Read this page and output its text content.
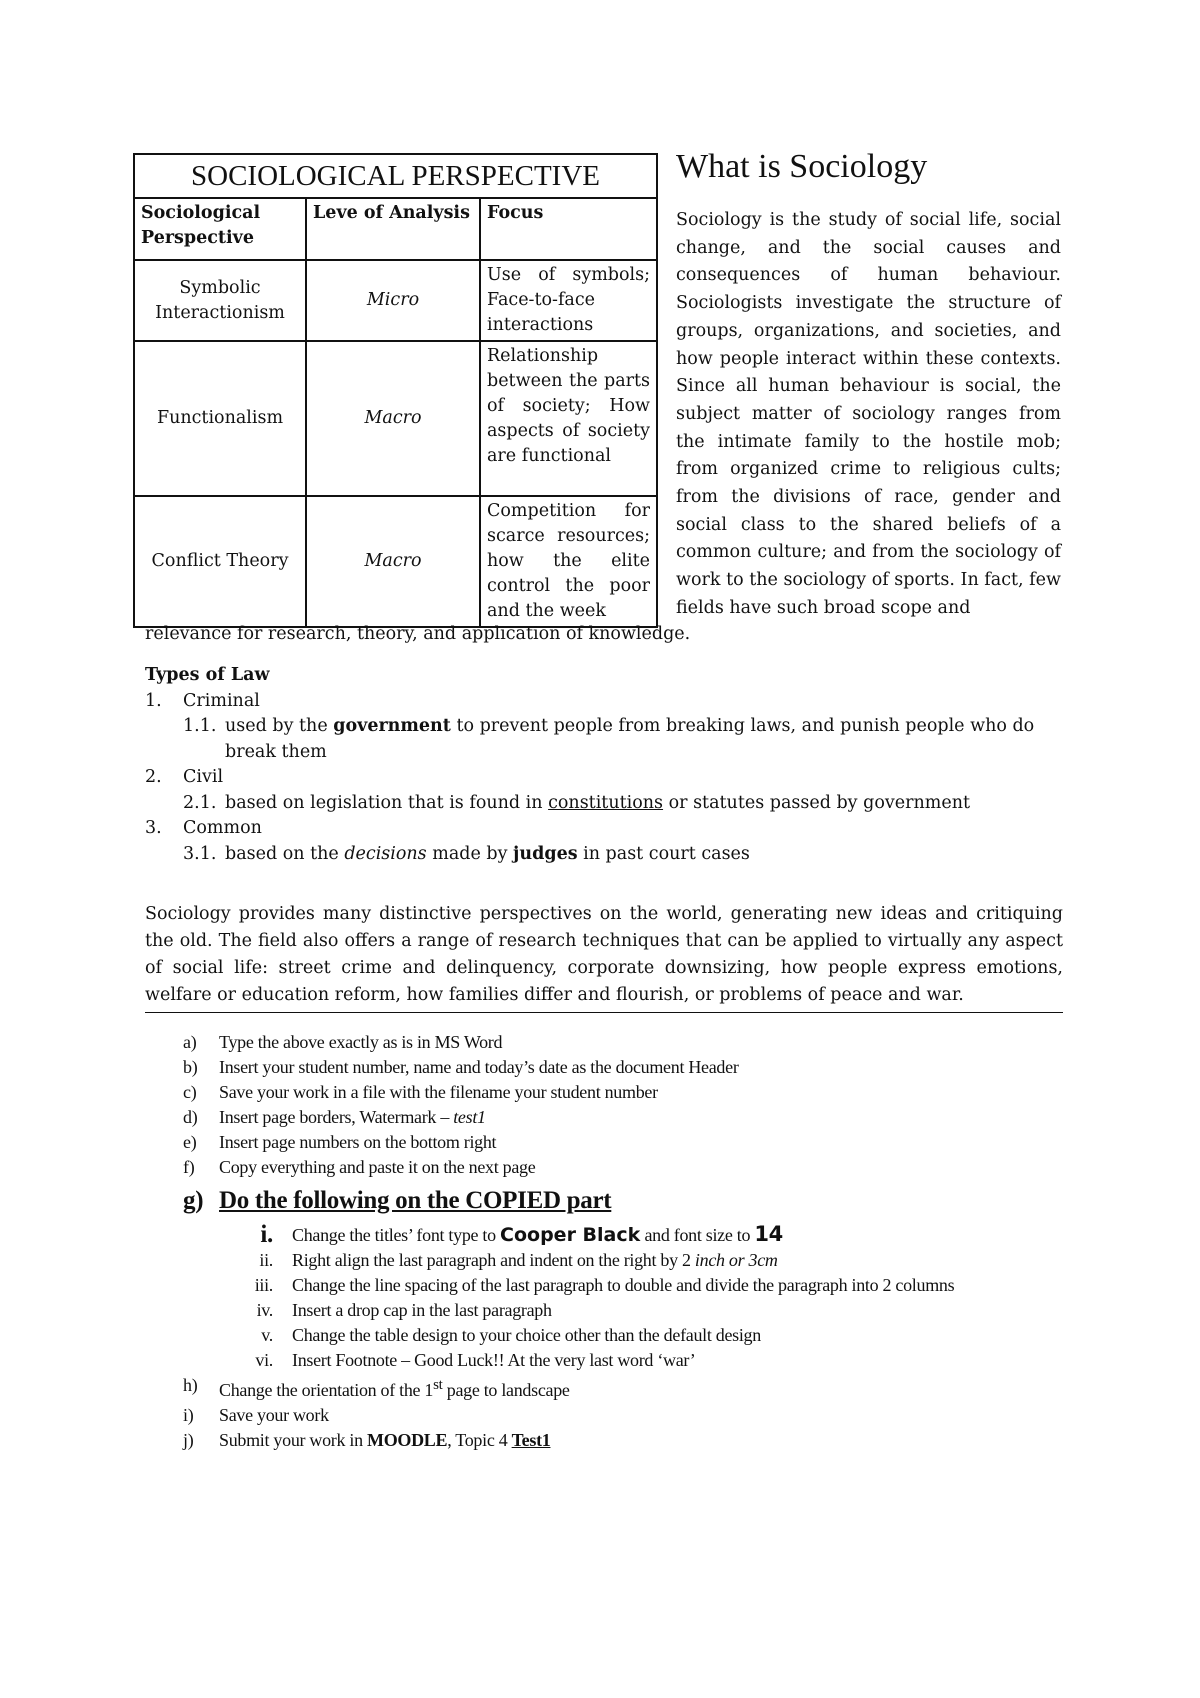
SOCIOLOGICAL PERSPECTIVE		
Sociological Perspective	Leve of Analysis	Focus
Symbolic Interactionism	Micro	Use of symbols; Face-to-face interactions
Functionalism	Macro	Relationship between the parts of society; How aspects of society are functional
Conflict Theory	Macro	Competition for scarce resources; how the elite control the poor and the week
What is Sociology
Sociology is the study of social life, social change, and the social causes and consequences of human behaviour. Sociologists investigate the structure of groups, organizations, and societies, and how people interact within these contexts. Since all human behaviour is social, the subject matter of sociology ranges from the intimate family to the hostile mob; from organized crime to religious cults; from the divisions of race, gender and social class to the shared beliefs of a common culture; and from the sociology of work to the sociology of sports. In fact, few fields have such broad scope and
relevance for research, theory, and application of knowledge.
Types of Law
1. Criminal
1.1. used by the government to prevent people from breaking laws, and punish people who do break them
2. Civil
2.1. based on legislation that is found in constitutions or statutes passed by government
3. Common
3.1. based on the decisions made by judges in past court cases
Sociology provides many distinctive perspectives on the world, generating new ideas and critiquing the old. The field also offers a range of research techniques that can be applied to virtually any aspect of social life: street crime and delinquency, corporate downsizing, how people express emotions, welfare or education reform, how families differ and flourish, or problems of peace and war.
a) Type the above exactly as is in MS Word
b) Insert your student number, name and today’s date as the document Header
c) Save your work in a file with the filename your student number
d) Insert page borders, Watermark – test1
e) Insert page numbers on the bottom right
f) Copy everything and paste it on the next page
g) Do the following on the COPIED part
i. Change the titles’ font type to Cooper Black and font size to 14
ii. Right align the last paragraph and indent on the right by 2 inch or 3cm
iii. Change the line spacing of the last paragraph to double and divide the paragraph into 2 columns
iv. Insert a drop cap in the last paragraph
v. Change the table design to your choice other than the default design
vi. Insert Footnote – Good Luck!! At the very last word ‘war’
h) Change the orientation of the 1st page to landscape
i) Save your work
j) Submit your work in MOODLE, Topic 4 Test1
